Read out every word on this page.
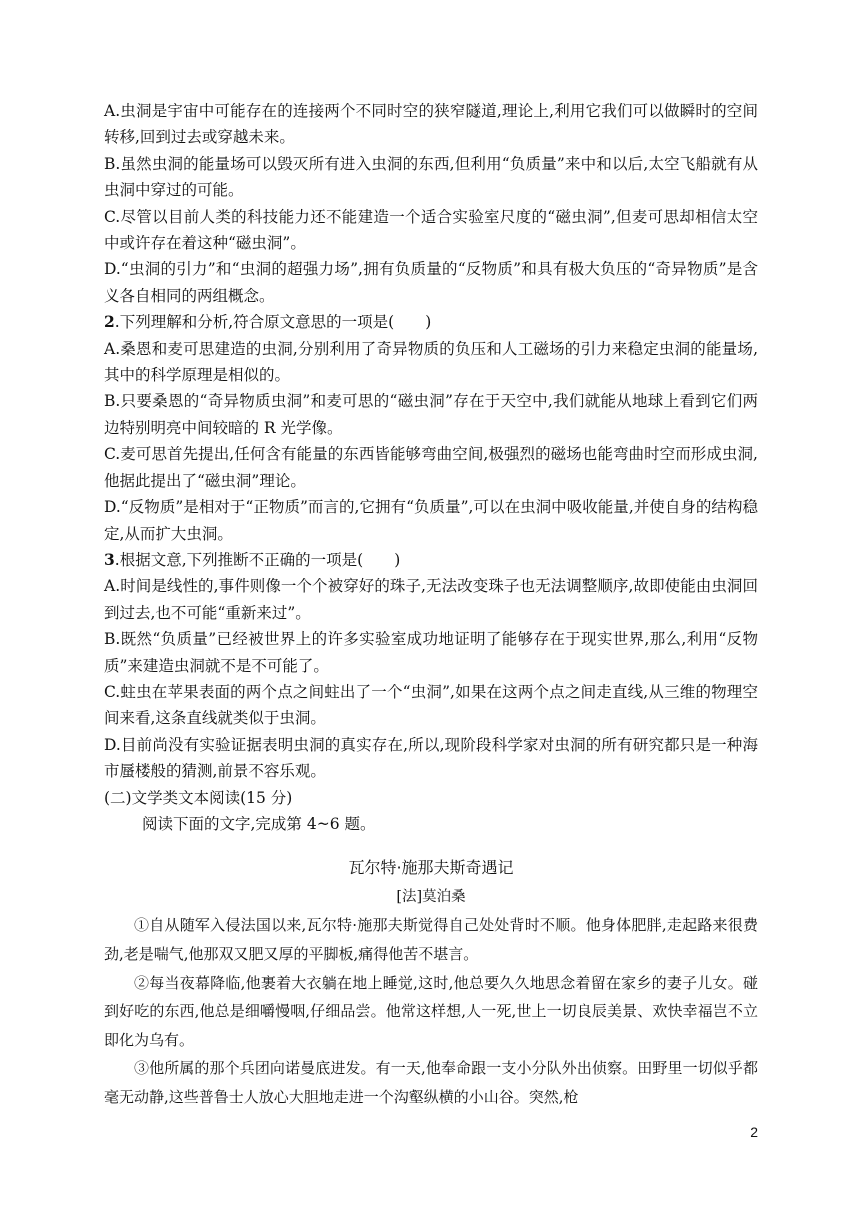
A.虫洞是宇宙中可能存在的连接两个不同时空的狭窄隧道,理论上,利用它我们可以做瞬时的空间转移,回到过去或穿越未来。

B.虽然虫洞的能量场可以毁灭所有进入虫洞的东西,但利用“负质量”来中和以后,太空飞船就有从虫洞中穿过的可能。

C.尽管以目前人类的科技能力还不能建造一个适合实验室尺度的“磁虫洞”,但麦可思却相信太空中或许存在着这种“磁虫洞”。

D.“虫洞的引力”和“虫洞的超强力场”,拥有负质量的“反物质”和具有极大负压的“奇异物质”是含义各自相同的两组概念。

2.下列理解和分析,符合原文意思的一项是(　　)

A.桑恩和麦可思建造的虫洞,分别利用了奇异物质的负压和人工磁场的引力来稳定虫洞的能量场,其中的科学原理是相似的。

B.只要桑恩的“奇异物质虫洞”和麦可思的“磁虫洞”存在于天空中,我们就能从地球上看到它们两边特别明亮中间较暗的 R 光学像。

C.麦可思首先提出,任何含有能量的东西皆能够弯曲空间,极强烈的磁场也能弯曲时空而形成虫洞,他据此提出了“磁虫洞”理论。

D.“反物质”是相对于“正物质”而言的,它拥有“负质量”,可以在虫洞中吸收能量,并使自身的结构稳定,从而扩大虫洞。

3.根据文意,下列推断不正确的一项是(　　)

A.时间是线性的,事件则像一个个被穿好的珠子,无法改变珠子也无法调整顺序,故即使能由虫洞回到过去,也不可能“重新来过”。

B.既然“负质量”已经被世界上的许多实验室成功地证明了能够存在于现实世界,那么,利用“反物质”来建造虫洞就不是不可能了。

C.蛀虫在苹果表面的两个点之间蛀出了一个“虫洞”,如果在这两个点之间走直线,从三维的物理空间来看,这条直线就类似于虫洞。

D.目前尚没有实验证据表明虫洞的真实存在,所以,现阶段科学家对虫洞的所有研究都只是一种海市蜃楼般的猜测,前景不容乐观。

(二)文学类文本阅读(15 分)

阅读下面的文字,完成第 4~6 题。

瓦尔特·施那夫斯奇遇记

[法]莫泊桑

①自从随军入侵法国以来,瓦尔特·施那夫斯觉得自己处处背时不顺。他身体肥胖,走起路来很费劲,老是喘气,他那双又肥又厚的平脚板,痛得他苦不堪言。

②每当夜幕降临,他裹着大衣躺在地上睡觉,这时,他总要久久地思念着留在家乡的妻子儿女。碰到好吃的东西,他总是细嚼慢咽,仔细品尝。他常这样想,人一死,世上一切良辰美景、欢快幸福岂不立即化为乌有。

③他所属的那个兵团向诺曼底进发。有一天,他奉命跟一支小分队外出侦察。田野里一切似乎都毫无动静,这些普鲁士人放心大胆地走进一个沟壑纵横的小山谷。突然,枪

2
